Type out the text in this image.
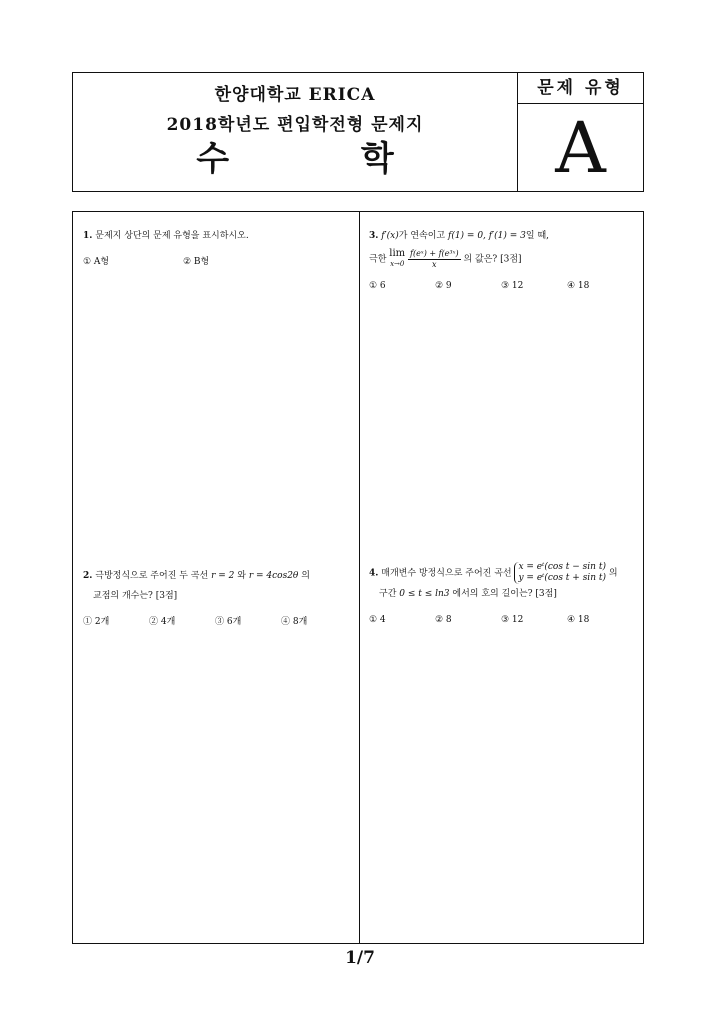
한양대학교 ERICA
2018학년도 편입학전형 문제지
수 학
문제 유형
A
1. 문제지 상단의 문제 유형을 표시하시오.
① A형	② B형
3. f′(x)가 연속이고 f(1) = 0, f′(1) = 3일 때,
극한
lim
x→0
$\frac{\text{f(eˣ) + f(e³ˣ)}}{x}$ 의 값은? [3점]
① 6	② 9	③ 12	④ 18
2. 극방정식으로 주어진 두 곡선 r = 2 와 r = 4cos2θ 의
교점의 개수는? [3점]
① 2개	② 4개	③ 6개	④ 8개
4. 매개변수 방정식으로 주어진 곡선
x = eᵗ(cos t − sin t)
y = eᵗ(cos t + sin t) 의
구간 0 ≤ t ≤ ln3 에서의 호의 길이는? [3점]
① 4	② 8	③ 12	④ 18
1/7
